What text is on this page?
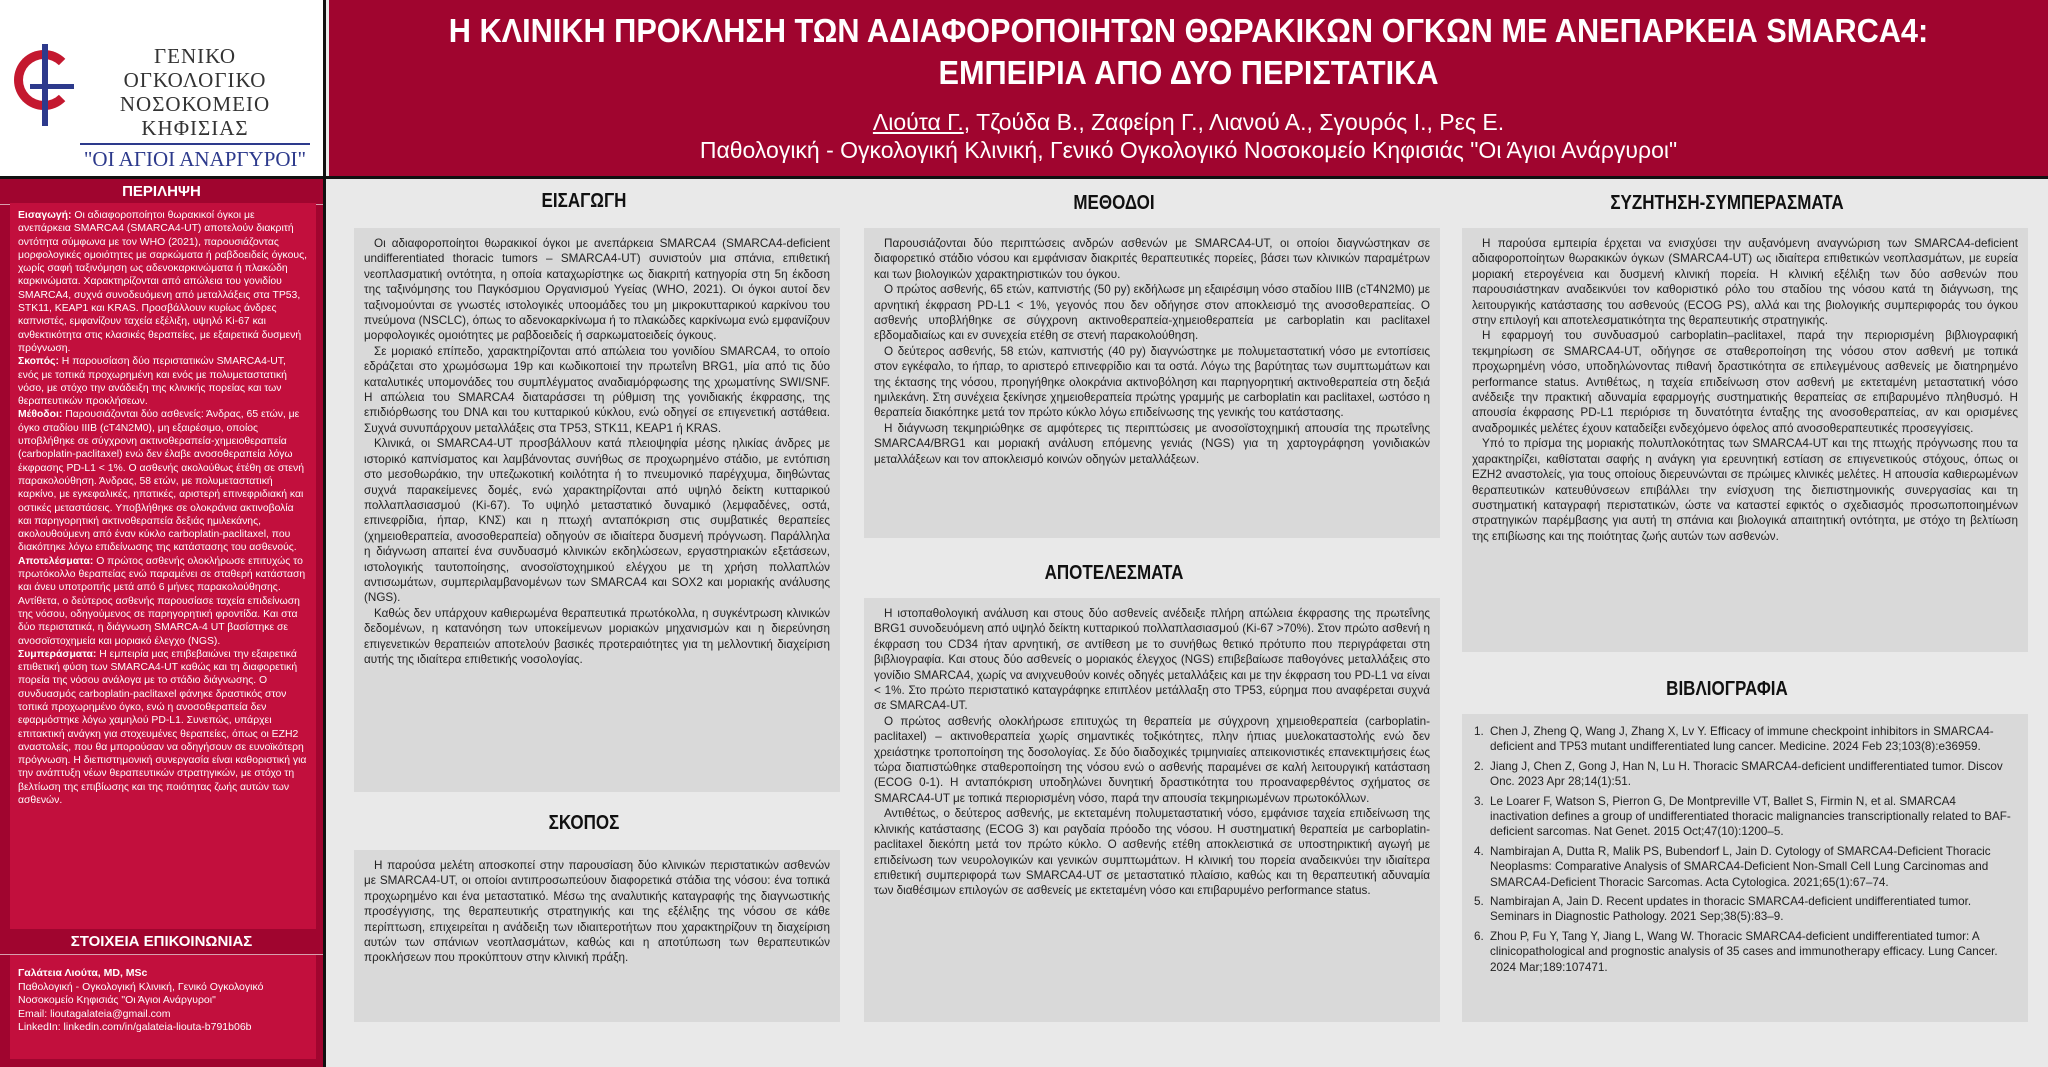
ΓΕΝΙΚΟ ΟΓΚΟΛΟΓΙΚΟ
ΝΟΣΟΚΟΜΕΙΟ ΚΗΦΙΣΙΑΣ
"ΟΙ ΑΓΙΟΙ ΑΝΑΡΓΥΡΟΙ"
Η ΚΛΙΝΙΚΗ ΠΡΟΚΛΗΣΗ ΤΩΝ ΑΔΙΑΦΟΡΟΠΟΙΗΤΩΝ ΘΩΡΑΚΙΚΩΝ ΟΓΚΩΝ ΜΕ ΑΝΕΠΑΡΚΕΙΑ SMARCA4:
ΕΜΠΕΙΡΙΑ ΑΠΟ ΔΥΟ ΠΕΡΙΣΤΑΤΙΚΑ
Λιούτα Γ., Τζούδα Β., Ζαφείρη Γ., Λιανού Α., Σγουρός Ι., Ρες Ε.
Παθολογική - Ογκολογική Κλινική, Γενικό Ογκολογικό Νοσοκομείο Κηφισιάς "Οι Άγιοι Ανάργυροι"
ΠΕΡΙΛΗΨΗ

Εισαγωγή: Οι αδιαφοροποίητοι θωρακικοί όγκοι με ανεπάρκεια SMARCA4 (SMARCA4-UT) αποτελούν διακριτή οντότητα σύμφωνα με τον WHO (2021), παρουσιάζοντας μορφολογικές ομοιότητες με σαρκώματα ή ραβδοειδείς όγκους, χωρίς σαφή ταξινόμηση ως αδενοκαρκινώματα ή πλακώδη καρκινώματα. Χαρακτηρίζονται από απώλεια του γονιδίου SMARCA4, συχνά συνοδευόμενη από μεταλλάξεις στα TP53, STK11, KEAP1 και KRAS. Προσβάλλουν κυρίως άνδρες καπνιστές, εμφανίζουν ταχεία εξέλιξη, υψηλό Ki-67 και ανθεκτικότητα στις κλασικές θεραπείες, με εξαιρετικά δυσμενή πρόγνωση.

Σκοπός: Η παρουσίαση δύο περιστατικών SMARCA4-UT, ενός με τοπικά προχωρημένη και ενός με πολυμεταστατική νόσο, με στόχο την ανάδειξη της κλινικής πορείας και των θεραπευτικών προκλήσεων.

Μέθοδοι: Παρουσιάζονται δύο ασθενείς: Άνδρας, 65 ετών, με όγκο σταδίου ΙΙΙΒ (cT4N2M0), μη εξαιρέσιμο, οποίος υποβλήθηκε σε σύγχρονη ακτινοθεραπεία-χημειοθεραπεία (carboplatin-paclitaxel) ενώ δεν έλαβε ανοσοθεραπεία λόγω έκφρασης PD-L1 < 1%. Ο ασθενής ακολούθως έτέθη σε στενή παρακολούθηση. Άνδρας, 58 ετών, με πολυμεταστατική καρκίνο, με εγκεφαλικές, ηπατικές, αριστερή επινεφριδιακή και οστικές μεταστάσεις. Υποβλήθηκε σε ολοκράνια ακτινοβολία και παρηγορητική ακτινοθεραπεία δεξιάς ημιλεκάνης, ακολουθούμενη από έναν κύκλο carboplatin-paclitaxel, που διακόπηκε λόγω επιδείνωσης της κατάστασης του ασθενούς.

Αποτελέσματα: Ο πρώτος ασθενής ολοκλήρωσε επιτυχώς το πρωτόκολλο θεραπείας ενώ παραμένει σε σταθερή κατάσταση και άνευ υποτροπής μετά από 6 μήνες παρακολούθησης. Αντίθετα, ο δεύτερος ασθενής παρουσίασε ταχεία επιδείνωση της νόσου, οδηγούμενος σε παρηγορητική φροντίδα. Και στα δύο περιστατικά, η διάγνωση SMARCA-4 UT βασίστηκε σε ανοσοϊστοχημεία και μοριακό έλεγχο (NGS).

Συμπεράσματα: Η εμπειρία μας επιβεβαιώνει την εξαιρετικά επιθετική φύση των SMARCA4-UT καθώς και τη διαφορετική πορεία της νόσου ανάλογα με το στάδιο διάγνωσης. Ο συνδυασμός carboplatin-paclitaxel φάνηκε δραστικός στον τοπικά προχωρημένο όγκο, ενώ η ανοσοθεραπεία δεν εφαρμόστηκε λόγω χαμηλού PD-L1. Συνεπώς, υπάρχει επιτακτική ανάγκη για στοχευμένες θεραπείες, όπως οι EZH2 αναστολείς, που θα μπορούσαν να οδηγήσουν σε ευνοϊκότερη πρόγνωση. Η διεπιστημονική συνεργασία είναι καθοριστική για την ανάπτυξη νέων θεραπευτικών στρατηγικών, με στόχο τη βελτίωση της επιβίωσης και της ποιότητας ζωής αυτών των ασθενών.

ΣΤΟΙΧΕΙΑ ΕΠΙΚΟΙΝΩΝΙΑΣ
Γαλάτεια Λιούτα, MD, MSc
Παθολογική - Ογκολογική Κλινική, Γενικό Ογκολογικό Νοσοκομείο Κηφισιάς "Οι Άγιοι Ανάργυροι"
Email: lioutagalateia@gmail.com
LinkedIn: linkedin.com/in/galateia-liouta-b791b06b
ΕΙΣΑΓΩΓΗ

Οι αδιαφοροποίητοι θωρακικοί όγκοι με ανεπάρκεια SMARCA4 (SMARCA4-deficient undifferentiated thoracic tumors – SMARCA4-UT) συνιστούν μια σπάνια, επιθετική νεοπλασματική οντότητα, η οποία καταχωρίστηκε ως διακριτή κατηγορία στη 5η έκδοση της ταξινόμησης του Παγκόσμιου Οργανισμού Υγείας (WHO, 2021). Οι όγκοι αυτοί δεν ταξινομούνται σε γνωστές ιστολογικές υποομάδες του μη μικροκυτταρικού καρκίνου του πνεύμονα (NSCLC), όπως το αδενοκαρκίνωμα ή το πλακώδες καρκίνωμα ενώ εμφανίζουν μορφολογικές ομοιότητες με ραβδοειδείς ή σαρκωματοειδείς όγκους.

Σε μοριακό επίπεδο, χαρακτηρίζονται από απώλεια του γονιδίου SMARCA4, το οποίο εδράζεται στο χρωμόσωμα 19p και κωδικοποιεί την πρωτεΐνη BRG1, μία από τις δύο καταλυτικές υπομονάδες του συμπλέγματος αναδιαμόρφωσης της χρωματίνης SWI/SNF. Η απώλεια του SMARCA4 διαταράσσει τη ρύθμιση της γονιδιακής έκφρασης, της επιδιόρθωσης του DNA και του κυτταρικού κύκλου, ενώ οδηγεί σε επιγενετική αστάθεια. Συχνά συνυπάρχουν μεταλλάξεις στα TP53, STK11, KEAP1 ή KRAS.

Κλινικά, οι SMARCA4-UT προσβάλλουν κατά πλειοψηφία μέσης ηλικίας άνδρες με ιστορικό καπνίσματος και λαμβάνοντας συνήθως σε προχωρημένο στάδιο, με εντόπιση στο μεσοθωράκιο, την υπεζωκοτική κοιλότητα ή το πνευμονικό παρέγχυμα, διηθώντας συχνά παρακείμενες δομές, ενώ χαρακτηρίζονται από υψηλό δείκτη κυτταρικού πολλαπλασιασμού (Ki-67). Το υψηλό μεταστατικό δυναμικό (λεμφαδένες, οστά, επινεφρίδια, ήπαρ, ΚΝΣ) και η πτωχή ανταπόκριση στις συμβατικές θεραπείες (χημειοθεραπεία, ανοσοθεραπεία) οδηγούν σε ιδιαίτερα δυσμενή πρόγνωση. Παράλληλα η διάγνωση απαιτεί ένα συνδυασμό κλινικών εκδηλώσεων, εργαστηριακών εξετάσεων, ιστολογικής ταυτοποίησης, ανοσοϊστοχημικού ελέγχου με τη χρήση πολλαπλών αντισωμάτων, συμπεριλαμβανομένων των SMARCA4 και SOX2 και μοριακής ανάλυσης (NGS).

Καθώς δεν υπάρχουν καθιερωμένα θεραπευτικά πρωτόκολλα, η συγκέντρωση κλινικών δεδομένων, η κατανόηση των υποκείμενων μοριακών μηχανισμών και η διερεύνηση επιγενετικών θεραπειών αποτελούν βασικές προτεραιότητες για τη μελλοντική διαχείριση αυτής της ιδιαίτερα επιθετικής νοσολογίας.

ΣΚΟΠΟΣ

Η παρούσα μελέτη αποσκοπεί στην παρουσίαση δύο κλινικών περιστατικών ασθενών με SMARCA4-UT, οι οποίοι αντιπροσωπεύουν διαφορετικά στάδια της νόσου: ένα τοπικά προχωρημένο και ένα μεταστατικό. Μέσω της αναλυτικής καταγραφής της διαγνωστικής προσέγγισης, της θεραπευτικής στρατηγικής και της εξέλιξης της νόσου σε κάθε περίπτωση, επιχειρείται η ανάδειξη των ιδιαιτεροτήτων που χαρακτηρίζουν τη διαχείριση αυτών των σπάνιων νεοπλασμάτων, καθώς και η αποτύπωση των θεραπευτικών προκλήσεων που προκύπτουν στην κλινική πράξη.

ΜΕΘΟΔΟΙ

Παρουσιάζονται δύο περιπτώσεις ανδρών ασθενών με SMARCA4-UT, οι οποίοι διαγνώστηκαν σε διαφορετικό στάδιο νόσου και εμφάνισαν διακριτές θεραπευτικές πορείες, βάσει των κλινικών παραμέτρων και των βιολογικών χαρακτηριστικών του όγκου.

Ο πρώτος ασθενής, 65 ετών, καπνιστής (50 py) εκδήλωσε μη εξαιρέσιμη νόσο σταδίου ΙΙΙΒ (cT4N2M0) με αρνητική έκφραση PD-L1 < 1%, γεγονός που δεν οδήγησε στον αποκλεισμό της ανοσοθεραπείας. Ο ασθενής υποβλήθηκε σε σύγχρονη ακτινοθεραπεία-χημειοθεραπεία με carboplatin και paclitaxel εβδομαδιαίως και εν συνεχεία ετέθη σε στενή παρακολούθηση.

Ο δεύτερος ασθενής, 58 ετών, καπνιστής (40 py) διαγνώστηκε με πολυμεταστατική νόσο με εντοπίσεις στον εγκέφαλο, το ήπαρ, το αριστερό επινεφρίδιο και τα οστά. Λόγω της βαρύτητας των συμπτωμάτων και της έκτασης της νόσου, προηγήθηκε ολοκράνια ακτινοβόληση και παρηγορητική ακτινοθεραπεία στη δεξιά ημιλεκάνη. Στη συνέχεια ξεκίνησε χημειοθεραπεία πρώτης γραμμής με carboplatin και paclitaxel, ωστόσο η θεραπεία διακόπηκε μετά τον πρώτο κύκλο λόγω επιδείνωσης της γενικής του κατάστασης.

Η διάγνωση τεκμηριώθηκε σε αμφότερες τις περιπτώσεις με ανοσοϊστοχημική απουσία της πρωτεΐνης SMARCA4/BRG1 και μοριακή ανάλυση επόμενης γενιάς (NGS) για τη χαρτογράφηση γονιδιακών μεταλλάξεων και τον αποκλεισμό κοινών οδηγών μεταλλάξεων.

ΑΠΟΤΕΛΕΣΜΑΤΑ

Η ιστοπαθολογική ανάλυση και στους δύο ασθενείς ανέδειξε πλήρη απώλεια έκφρασης της πρωτεΐνης BRG1 συνοδευόμενη από υψηλό δείκτη κυτταρικού πολλαπλασιασμού (Ki-67 >70%). Στον πρώτο ασθενή η έκφραση του CD34 ήταν αρνητική, σε αντίθεση με το συνήθως θετικό πρότυπο που περιγράφεται στη βιβλιογραφία. Και στους δύο ασθενείς ο μοριακός έλεγχος (NGS) επιβεβαίωσε παθογόνες μεταλλάξεις στο γονίδιο SMARCA4, χωρίς να ανιχνευθούν κοινές οδηγές μεταλλάξεις και με την έκφραση του PD-L1 να είναι < 1%. Στο πρώτο περιστατικό καταγράφηκε επιπλέον μετάλλαξη στο TP53, εύρημα που αναφέρεται συχνά σε SMARCA4-UT.

Ο πρώτος ασθενής ολοκλήρωσε επιτυχώς τη θεραπεία με σύγχρονη χημειοθεραπεία (carboplatin-paclitaxel) – ακτινοθεραπεία χωρίς σημαντικές τοξικότητες, πλην ήπιας μυελοκαταστολής ενώ δεν χρειάστηκε τροποποίηση της δοσολογίας. Σε δύο διαδοχικές τριμηνιαίες απεικονιστικές επανεκτιμήσεις έως τώρα διαπιστώθηκε σταθεροποίηση της νόσου ενώ ο ασθενής παραμένει σε καλή λειτουργική κατάσταση (ECOG 0-1). Η ανταπόκριση υποδηλώνει δυνητική δραστικότητα του προαναφερθέντος σχήματος σε SMARCA4-UT με τοπικά περιορισμένη νόσο, παρά την απουσία τεκμηριωμένων πρωτοκόλλων.

Αντιθέτως, ο δεύτερος ασθενής, με εκτεταμένη πολυμεταστατική νόσο, εμφάνισε ταχεία επιδείνωση της κλινικής κατάστασης (ECOG 3) και ραγδαία πρόοδο της νόσου. Η συστηματική θεραπεία με carboplatin-paclitaxel διεκόπη μετά τον πρώτο κύκλο. Ο ασθενής ετέθη αποκλειστικά σε υποστηρικτική αγωγή με επιδείνωση των νευρολογικών και γενικών συμπτωμάτων. Η κλινική του πορεία αναδεικνύει την ιδιαίτερα επιθετική συμπεριφορά των SMARCA4-UT σε μεταστατικό πλαίσιο, καθώς και τη θεραπευτική αδυναμία των διαθέσιμων επιλογών σε ασθενείς με εκτεταμένη νόσο και επιβαρυμένο performance status.

ΣΥΖΗΤΗΣΗ-ΣΥΜΠΕΡΑΣΜΑΤΑ

Η παρούσα εμπειρία έρχεται να ενισχύσει την αυξανόμενη αναγνώριση των SMARCA4-deficient αδιαφοροποίητων θωρακικών όγκων (SMARCA4-UT) ως ιδιαίτερα επιθετικών νεοπλασμάτων, με ευρεία μοριακή ετερογένεια και δυσμενή κλινική πορεία. Η κλινική εξέλιξη των δύο ασθενών που παρουσιάστηκαν αναδεικνύει τον καθοριστικό ρόλο του σταδίου της νόσου κατά τη διάγνωση, της λειτουργικής κατάστασης του ασθενούς (ECOG PS), αλλά και της βιολογικής συμπεριφοράς του όγκου στην επιλογή και αποτελεσματικότητα της θεραπευτικής στρατηγικής.

Η εφαρμογή του συνδυασμού carboplatin–paclitaxel, παρά την περιορισμένη βιβλιογραφική τεκμηρίωση σε SMARCA4-UT, οδήγησε σε σταθεροποίηση της νόσου στον ασθενή με τοπικά προχωρημένη νόσο, υποδηλώνοντας πιθανή δραστικότητα σε επιλεγμένους ασθενείς με διατηρημένο performance status. Αντιθέτως, η ταχεία επιδείνωση στον ασθενή με εκτεταμένη μεταστατική νόσο ανέδειξε την πρακτική αδυναμία εφαρμογής συστηματικής θεραπείας σε επιβαρυμένο πληθυσμό. Η απουσία έκφρασης PD-L1 περιόρισε τη δυνατότητα ένταξης της ανοσοθεραπείας, αν και ορισμένες αναδρομικές μελέτες έχουν καταδείξει ενδεχόμενο όφελος από ανοσοθεραπευτικές προσεγγίσεις.

Υπό το πρίσμα της μοριακής πολυπλοκότητας των SMARCA4-UT και της πτωχής πρόγνωσης που τα χαρακτηρίζει, καθίσταται σαφής η ανάγκη για ερευνητική εστίαση σε επιγενετικούς στόχους, όπως οι EZH2 αναστολείς, για τους οποίους διερευνώνται σε πρώιμες κλινικές μελέτες. Η απουσία καθιερωμένων θεραπευτικών κατευθύνσεων επιβάλλει την ενίσχυση της διεπιστημονικής συνεργασίας και τη συστηματική καταγραφή περιστατικών, ώστε να καταστεί εφικτός ο σχεδιασμός προσωποποιημένων στρατηγικών παρέμβασης για αυτή τη σπάνια και βιολογικά απαιτητική οντότητα, με στόχο τη βελτίωση της επιβίωσης και της ποιότητας ζωής αυτών των ασθενών.

ΒΙΒΛΙΟΓΡΑΦΙΑ
1. Chen J, Zheng Q, Wang J, Zhang X, Lv Y. Efficacy of immune checkpoint inhibitors in SMARCA4-deficient and TP53 mutant undifferentiated lung cancer. Medicine. 2024 Feb 23;103(8):e36959.
2. Jiang J, Chen Z, Gong J, Han N, Lu H. Thoracic SMARCA4-deficient undifferentiated tumor. Discov Onc. 2023 Apr 28;14(1):51.
3. Le Loarer F, Watson S, Pierron G, De Montpreville VT, Ballet S, Firmin N, et al. SMARCA4 inactivation defines a group of undifferentiated thoracic malignancies transcriptionally related to BAF-deficient sarcomas. Nat Genet. 2015 Oct;47(10):1200–5.
4. Nambirajan A, Dutta R, Malik PS, Bubendorf L, Jain D. Cytology of SMARCA4-Deficient Thoracic Neoplasms: Comparative Analysis of SMARCA4-Deficient Non-Small Cell Lung Carcinomas and SMARCA4-Deficient Thoracic Sarcomas. Acta Cytologica. 2021;65(1):67–74.
5. Nambirajan A, Jain D. Recent updates in thoracic SMARCA4-deficient undifferentiated tumor. Seminars in Diagnostic Pathology. 2021 Sep;38(5):83–9.
6. Zhou P, Fu Y, Tang Y, Jiang L, Wang W. Thoracic SMARCA4-deficient undifferentiated tumor: A clinicopathological and prognostic analysis of 35 cases and immunotherapy efficacy. Lung Cancer. 2024 Mar;189:107471.
